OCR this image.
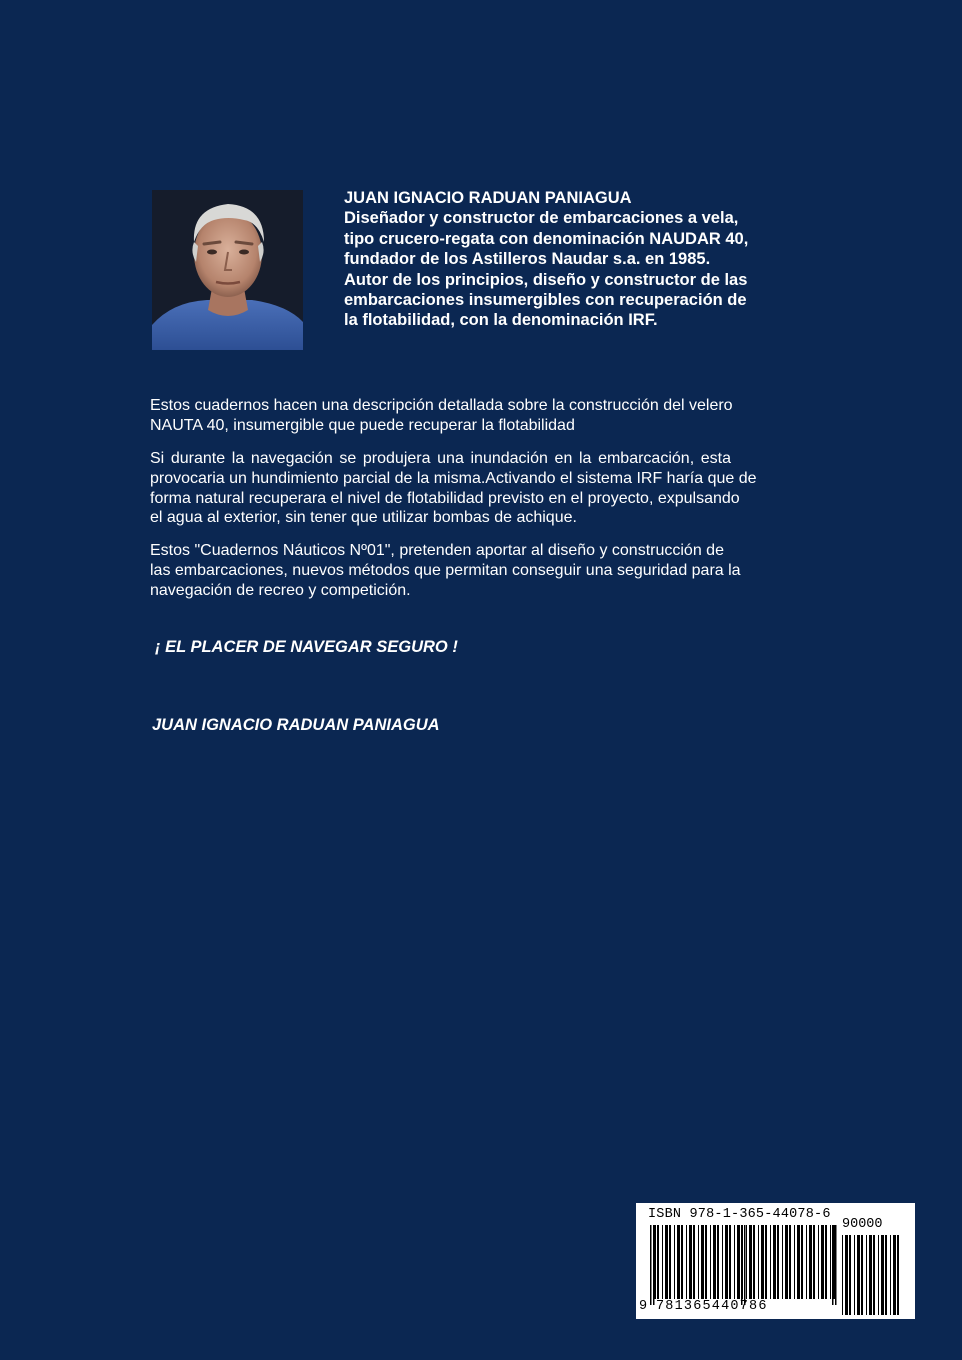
JUAN IGNACIO RADUAN PANIAGUA
Diseñador y constructor de embarcaciones a vela,
tipo crucero-regata con denominación NAUDAR 40,
fundador de los Astilleros Naudar s.a. en 1985.
Autor de los principios, diseño y constructor de las
embarcaciones insumergibles con recuperación de
la flotabilidad, con la denominación IRF.
Estos cuadernos hacen una descripción detallada sobre la construcción del velero
NAUTA 40, insumergible que puede recuperar la flotabilidad
Si durante la navegación se produjera una inundación en la embarcación, esta
provocaria un hundimiento parcial de la misma.Activando el sistema IRF haría que de
forma natural recuperara el nivel de flotabilidad previsto en el proyecto, expulsando
el agua al exterior, sin tener que utilizar bombas de achique.
Estos "Cuadernos Náuticos Nº01", pretenden aportar al diseño y construcción de
las embarcaciones, nuevos métodos que permitan conseguir una seguridad para la
navegación de recreo y competición.
¡ EL PLACER DE NAVEGAR SEGURO !
JUAN IGNACIO RADUAN PANIAGUA
ISBN 978-1-365-44078-6
90000
9 781365440786
